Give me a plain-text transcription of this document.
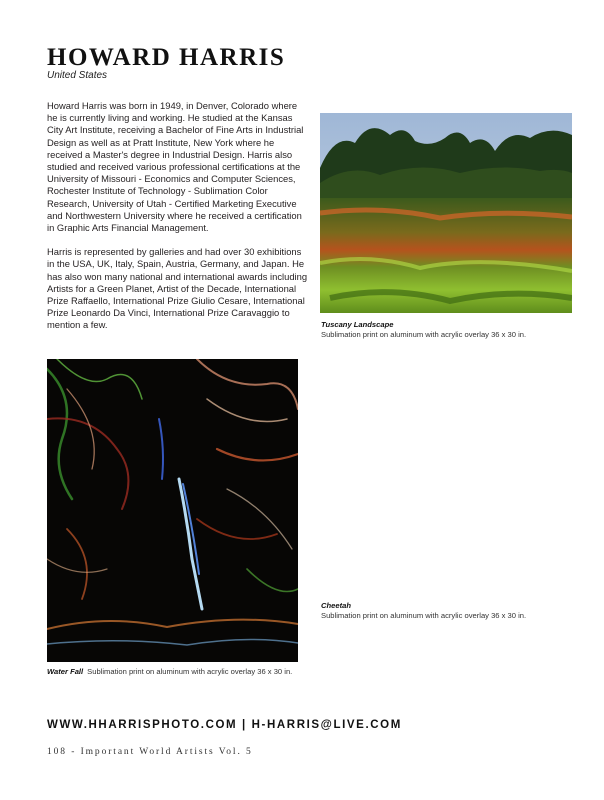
HOWARD HARRIS
United States

Howard Harris was born in 1949, in Denver, Colorado where he is currently living and working. He studied at the Kansas City Art Institute, receiving a Bachelor of Fine Arts in Industrial Design as well as at Pratt Institute, New York where he received a Master's degree in Industrial Design. Harris also studied and received various professional certifications at the University of Missouri - Economics and Computer Sciences, Rochester Institute of Technology - Sublimation Color Research, University of Utah - Certified Marketing Executive and Northwestern University where he received a certification in Graphic Arts Financial Management.

Harris is represented by galleries and had over 30 exhibitions in the USA, UK, Italy, Spain, Austria, Germany, and Japan. He has also won many national and international awards including Artists for a Green Planet, Artist of the Decade, International Prize Raffaello, International Prize Giulio Cesare, International Prize Leonardo Da Vinci, International Prize Caravaggio to mention a few.	Tuscany Landscape
Sublimation print on aluminum with acrylic overlay 36 x 30 in.
Water Fall Sublimation print on aluminum with acrylic overlay 36 x 30 in.
Cheetah
Sublimation print on aluminum with acrylic overlay 36 x 30 in.
WWW.HHARRISPHOTO.COM | H-HARRIS@LIVE.COM
108 - Important World Artists Vol. 5
